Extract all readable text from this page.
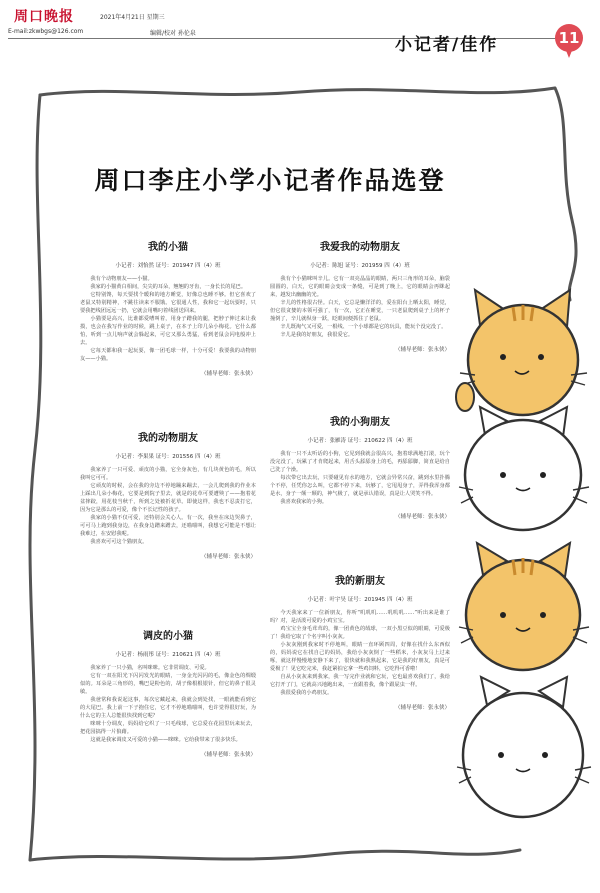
周口晚报	2021年4月21日 星期三
E-mail:zkwbgs@126.com	编辑/校对 孙伦泉
小记者/佳作	11
周口李庄小学小记者作品选登
我的小猫
小记者：刘怡然 证号：201947 四（4）班

我有个动物朋友——小猫。

我家的小猫黄白相间，尖尖的耳朵，翘翘的牙齿，一身长长的尾巴。

它特别馋，每天要找个暖和的地方睡觉，好像总也睡不够。但它喜欢了老鼠又特别精神，不跳往读来不服饿。它很通人性，我和它一起玩耍时，只要我把线团远远一扔，它就会用嘴叼着线团送回来。

小猫要是高兴，比谁都爱嘈叫着，用身子蹭我的腿，把脖子伸过来让我摸，也会在我写作业的时候，跳上桌子，在本子上印几朵小梅花。它什么都怕，听到一点儿响声就会躲起来，可它又那么勇猛，看到老鼠会闪电般冲上去。

它每天都和我一起玩耍，像一团毛球一样，十分可爱！我要我的动物朋友——小猫。

（辅导老师：张永侠）
我的动物朋友
小记者：李果果 证号：201556 四（4）班

我家养了一只可爱、顽皮的小猫，它全身灰色，有几块黄色的毛，所以我叫它可可。

它顽皮的时候，会在我的旁边不停地蹦来蹦去，一会儿爬到我的作业本上踩出几朵小梅花，它要是到院子里去，就是的花草可要遭殃了——抱着花盆摔跤，用花枝当秋千，所到之处被折花草。即使这样，我也不忍责打它，因为它是那么的可爱，像个不长记性的孩子。

我家的小猫不仅可爱，还特别会关心人。有一次，我坐在床边哭鼻子，可可马上跑到我身边，在我身边蹭来蹭去，还喵喵叫，我想它可能是不想让我难过，在安慰我呢。

我喜欢可可这个猫朋友。

（辅导老师：张永侠）
调皮的小猫
小记者：杨雨彤 证号：210621 四（4）班

我家养了一只小猫，名叫咪咪。它非常调皮、可爱。

它有一双在阳光下闪闪发光的眼睛，一身金光闪闪的毛，像金色的绸缎似的。耳朵是三角形的，嘴巴是粉色的，胡子像根根银针，但它的鼻子很灵敏。

我爸常和我说起这事，每次它藏起来，我就会到处找，一眼就能看到它的大尾巴。我上前一下子抱住它，它才不停地喵喵叫，也许觉得很好玩，为什么它的主人总能很快找到它呢？

咪咪十分调皮，妈妈给它织了一只毛线球，它总爱在花园里玩来玩去，把花园搞得一片狼藉。

这就是我家调皮又可爱的小猫——咪咪。它给我带来了很多快乐。

（辅导老师：张永侠）
我爱我的动物朋友
小记者：陈旭 证号：201959 四（4）班

我有个小猫咪叫辛儿。它有一双亮晶晶的眼睛，两只三角形的耳朵，脑袋圆圆的，白天，它的眼睛会变成一条缝，可是到了晚上，它的眼睛会再眯起来，越发出幽幽的光。

辛儿的性格很古怪。白天，它总是懒洋洋的，爱在阳台上晒太阳，睡觉，但它很贪婪的本领可强了，有一次，它正在睡觉，一只老鼠爬到桌子上的杯子撞倒了，辛儿就纵身一跃，眨眼间便抓住了老鼠。

辛儿既淘气又可爱，一根线、一个小球都是它的玩具，能玩个没完没了。

辛儿是我的好朋友，我很爱它。

（辅导老师：张永侠）
我的小狗朋友
小记者：张雁涛 证号：210622 四（4）班

我有一只不太听话的小狗，它见到我就会很高兴，抱着球满地打滚，玩个没完没了，玩累了才肯爬起来，用舌头舔舔身上的毛，再舔舔脚，简直是给自己洗了个澡。

每次带它出去玩，只要碰见有水的地方，它就会异常兴奋，跳到水里扑腾个不停，任凭你怎么叫，它都不停下来，玩够了，它甩甩身子，弄得我浑身都是水，身子一颠一颠的，神气极了，就是承认错误，真是让人哭笑不得。

我喜欢我家的小狗。

（辅导老师：张永侠）
我的新朋友
小记者：叶宇昊 证号：201945 四（4）班

今天我家来了一位新朋友，你听“叽叽叽……叽叽叽……”听出来是谁了吗？对，是活泼可爱的小鸡宝宝。

鸡宝宝全身毛茸茸的，像一团黄色的绒球，一双小黑豆似的眼睛，可爱极了！我给它取了个名字叫小灰灰。

小灰灰刚到我家时不停地叫，眼睛一直环顾四周，好像在找什么东西似的，妈妈说它在找自己的妈妈，我给小灰灰倒了一些稻米，小灰灰马上过来啄，就这样慢慢地安静下来了，很快就和我熟起来，它是我的好朋友，真是可爱极了！见它吃完米，我赶紧拍它拿一些鸡饲料，它吃得可香啦！

自从小灰灰来到我家，我一写完作业就和它玩，它也最喜欢我们了，我给它打开了门，它就高兴地跑出来，一直跟着我，像个跟屁虫一样。

我很爱我的小鸡朋友。

（辅导老师：张永侠）
